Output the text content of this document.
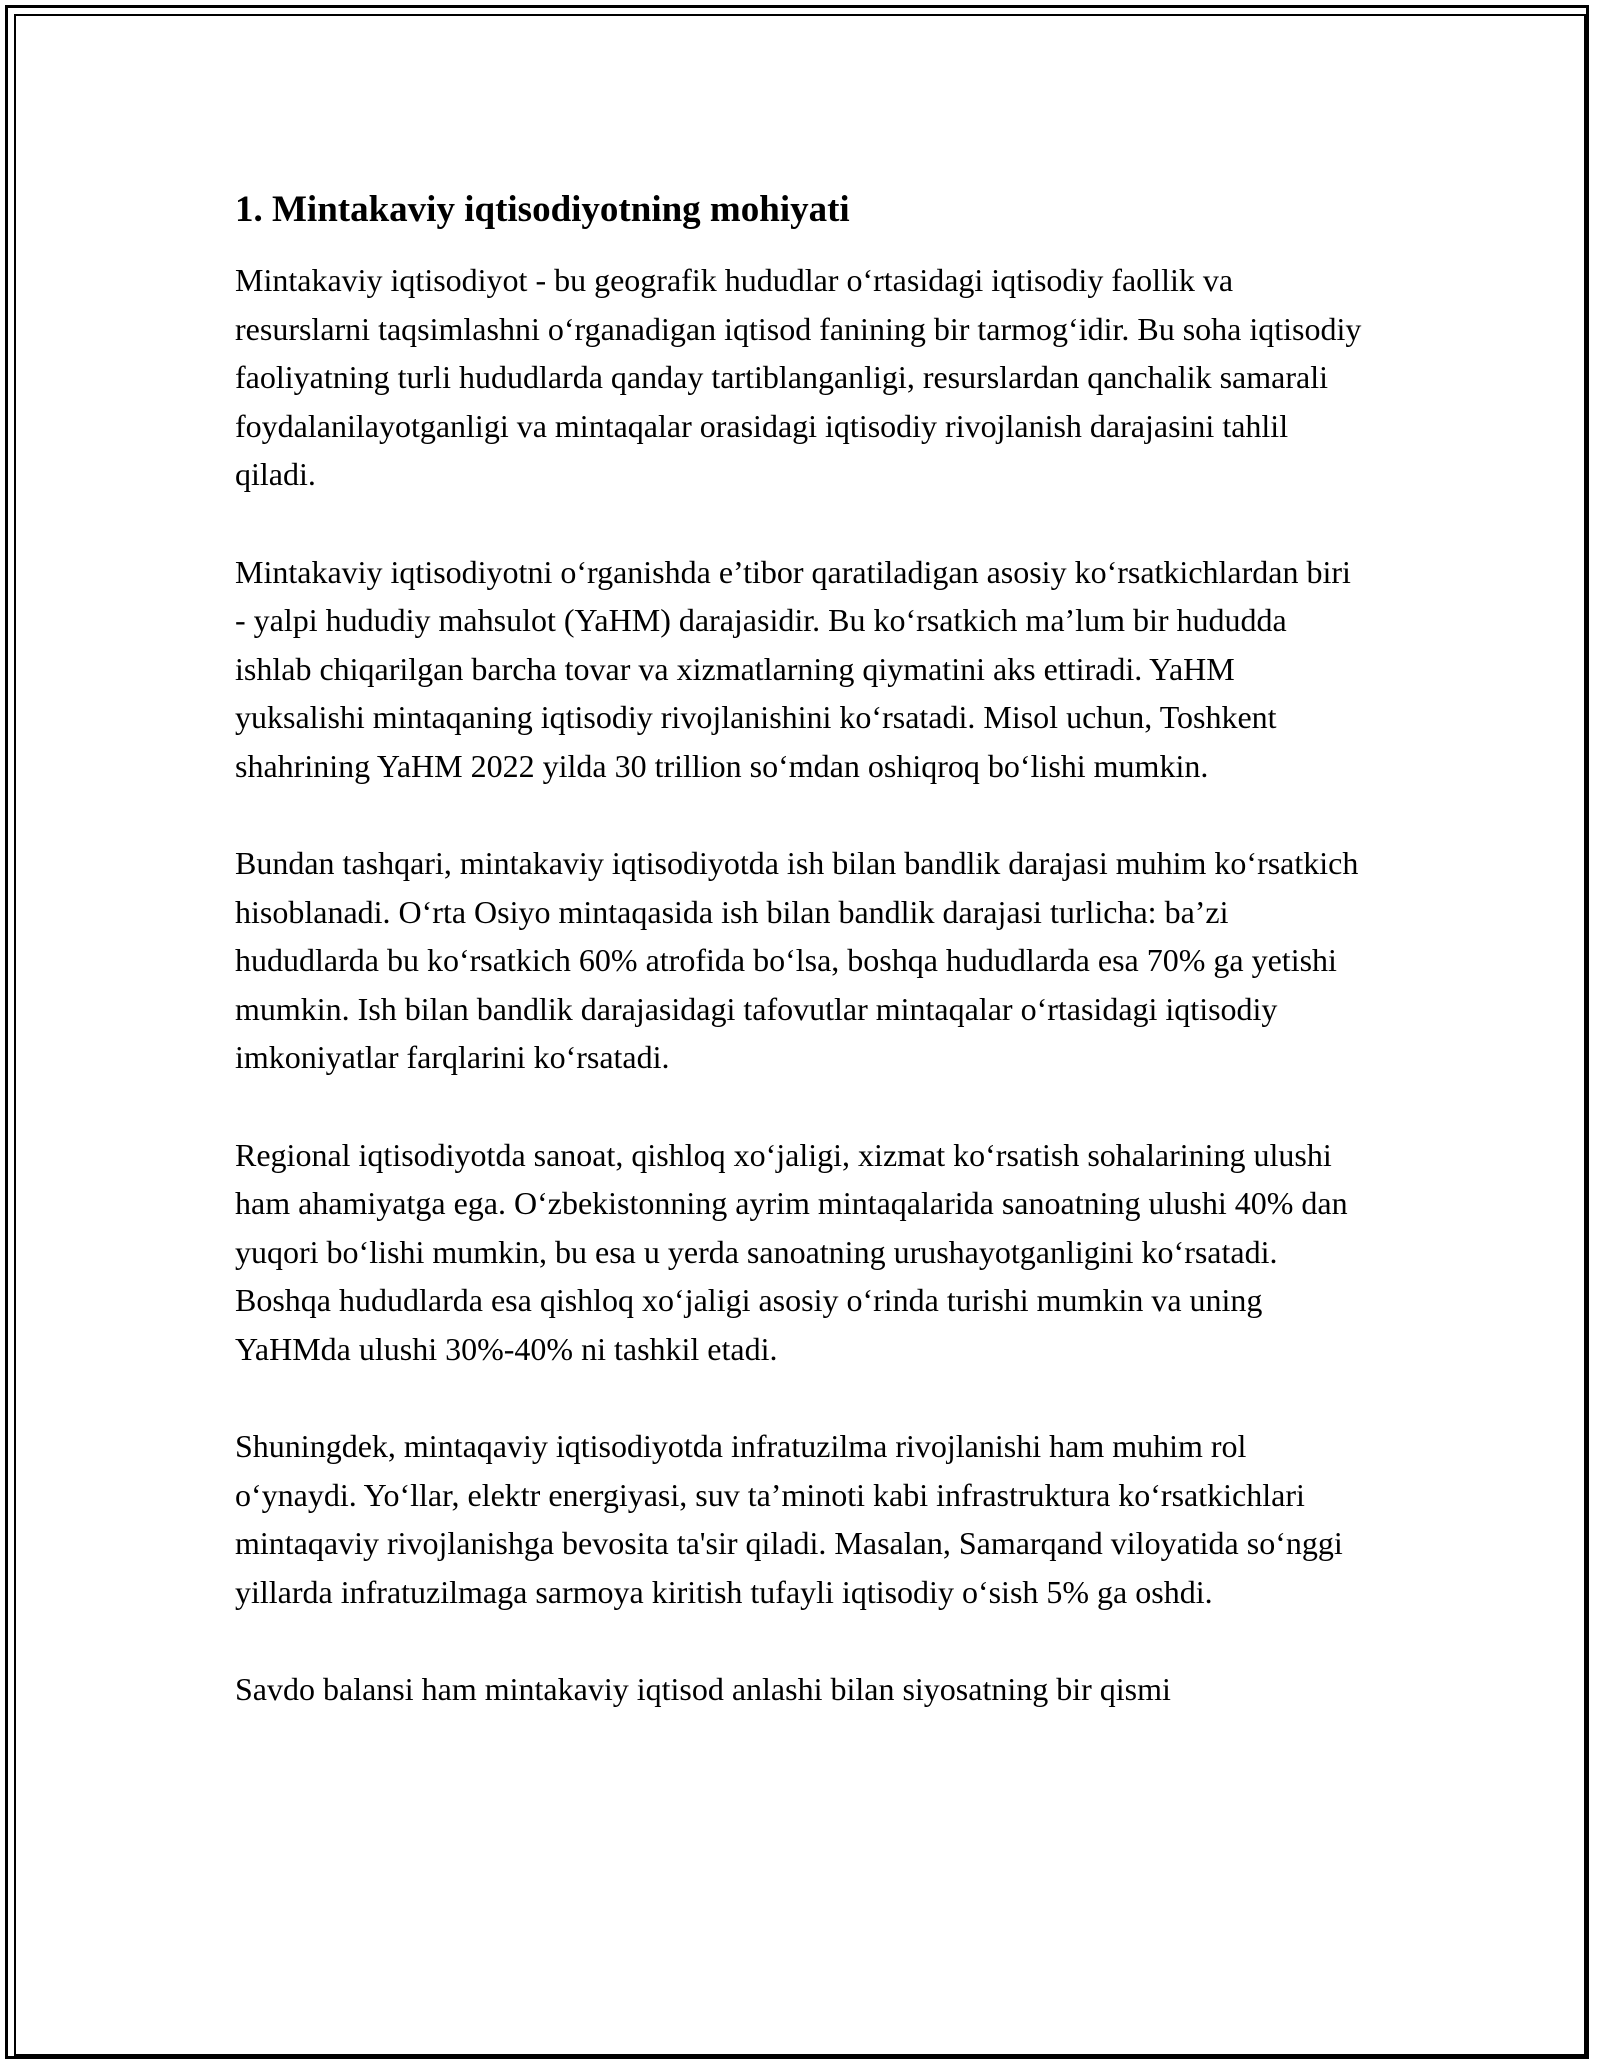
1. Mintakaviy iqtisodiyotning mohiyati

Mintakaviy iqtisodiyot - bu geografik hududlar o‘rtasidagi iqtisodiy faollik va resurslarni taqsimlashni o‘rganadigan iqtisod fanining bir tarmog‘idir. Bu soha iqtisodiy faoliyatning turli hududlarda qanday tartiblanganligi, resurslardan qanchalik samarali foydalanilayotganligi va mintaqalar orasidagi iqtisodiy rivojlanish darajasini tahlil qiladi.

Mintakaviy iqtisodiyotni o‘rganishda e’tibor qaratiladigan asosiy ko‘rsatkichlardan biri - yalpi hududiy mahsulot (YaHM) darajasidir. Bu ko‘rsatkich ma’lum bir hududda ishlab chiqarilgan barcha tovar va xizmatlarning qiymatini aks ettiradi. YaHM yuksalishi mintaqaning iqtisodiy rivojlanishini ko‘rsatadi. Misol uchun, Toshkent shahrining YaHM 2022 yilda 30 trillion so‘mdan oshiqroq bo‘lishi mumkin.

Bundan tashqari, mintakaviy iqtisodiyotda ish bilan bandlik darajasi muhim ko‘rsatkich hisoblanadi. O‘rta Osiyo mintaqasida ish bilan bandlik darajasi turlicha: ba’zi hududlarda bu ko‘rsatkich 60% atrofida bo‘lsa, boshqa hududlarda esa 70% ga yetishi mumkin. Ish bilan bandlik darajasidagi tafovutlar mintaqalar o‘rtasidagi iqtisodiy imkoniyatlar farqlarini ko‘rsatadi.

Regional iqtisodiyotda sanoat, qishloq xo‘jaligi, xizmat ko‘rsatish sohalarining ulushi ham ahamiyatga ega. O‘zbekistonning ayrim mintaqalarida sanoatning ulushi 40% dan yuqori bo‘lishi mumkin, bu esa u yerda sanoatning urushayotganligini ko‘rsatadi. Boshqa hududlarda esa qishloq xo‘jaligi asosiy o‘rinda turishi mumkin va uning YaHMda ulushi 30%-40% ni tashkil etadi.

Shuningdek, mintaqaviy iqtisodiyotda infratuzilma rivojlanishi ham muhim rol o‘ynaydi. Yo‘llar, elektr energiyasi, suv ta’minoti kabi infrastruktura ko‘rsatkichlari mintaqaviy rivojlanishga bevosita ta'sir qiladi. Masalan, Samarqand viloyatida so‘nggi yillarda infratuzilmaga sarmoya kiritish tufayli iqtisodiy o‘sish 5% ga oshdi.

Savdo balansi ham mintakaviy iqtisod anlashi bilan siyosatning bir qismi
